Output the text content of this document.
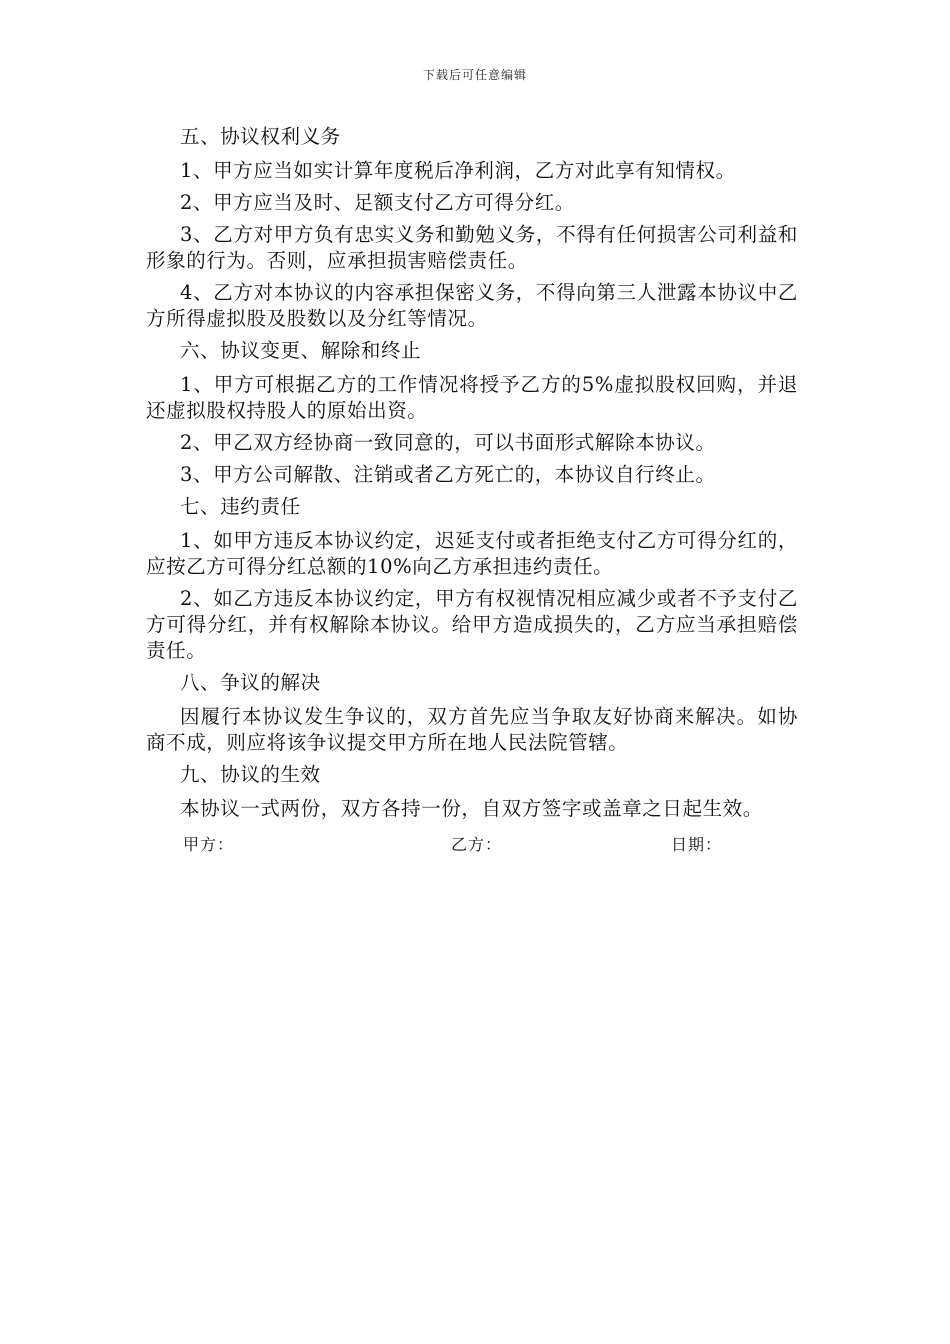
下载后可任意编辑

五、协议权利义务

1、甲方应当如实计算年度税后净利润，乙方对此享有知情权。

2、甲方应当及时、足额支付乙方可得分红。

3、乙方对甲方负有忠实义务和勤勉义务，不得有任何损害公司利益和形象的行为。否则，应承担损害赔偿责任。

4、乙方对本协议的内容承担保密义务，不得向第三人泄露本协议中乙方所得虚拟股及股数以及分红等情况。

六、协议变更、解除和终止

1、甲方可根据乙方的工作情况将授予乙方的5%虚拟股权回购，并退还虚拟股权持股人的原始出资。

2、甲乙双方经协商一致同意的，可以书面形式解除本协议。

3、甲方公司解散、注销或者乙方死亡的，本协议自行终止。

七、违约责任

1、如甲方违反本协议约定，迟延支付或者拒绝支付乙方可得分红的，应按乙方可得分红总额的10%向乙方承担违约责任。

2、如乙方违反本协议约定，甲方有权视情况相应减少或者不予支付乙方可得分红，并有权解除本协议。给甲方造成损失的，乙方应当承担赔偿责任。

八、争议的解决

因履行本协议发生争议的，双方首先应当争取友好协商来解决。如协商不成，则应将该争议提交甲方所在地人民法院管辖。

九、协议的生效

本协议一式两份，双方各持一份，自双方签字或盖章之日起生效。

甲方：	乙方：	日期：
